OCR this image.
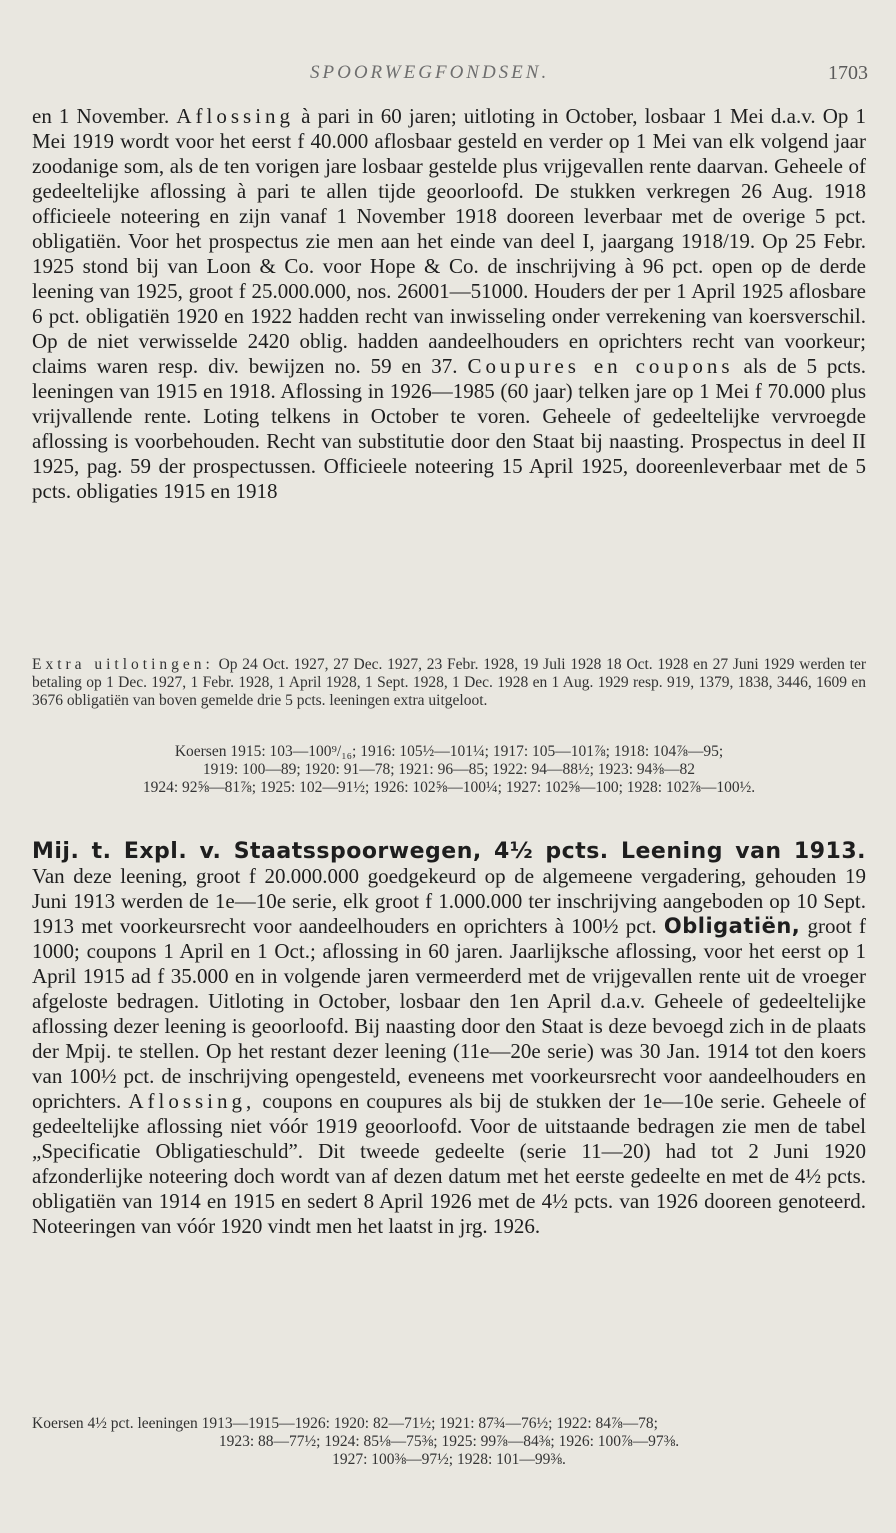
SPOORWEGFONDSEN.	1703
en 1 November. Aflossing à pari in 60 jaren; uitloting in October, losbaar 1 Mei d.a.v. Op 1 Mei 1919 wordt voor het eerst f 40.000 aflosbaar gesteld en verder op 1 Mei van elk volgend jaar zoodanige som, als de ten vorigen jare losbaar gestelde plus vrijgevallen rente daarvan. Geheele of gedeeltelijke aflossing à pari te allen tijde geoorloofd. De stukken verkregen 26 Aug. 1918 officieele noteering en zijn vanaf 1 November 1918 dooreen leverbaar met de overige 5 pct. obligatiën. Voor het prospectus zie men aan het einde van deel I, jaargang 1918/19. Op 25 Febr. 1925 stond bij van Loon & Co. voor Hope & Co. de inschrijving à 96 pct. open op de derde leening van 1925, groot f 25.000.000, nos. 26001—51000. Houders der per 1 April 1925 aflosbare 6 pct. obligatiën 1920 en 1922 hadden recht van inwisseling onder verrekening van koersverschil. Op de niet verwisselde 2420 oblig. hadden aandeelhouders en oprichters recht van voorkeur; claims waren resp. div. bewijzen no. 59 en 37. Coupures en coupons als de 5 pcts. leeningen van 1915 en 1918. Aflossing in 1926—1985 (60 jaar) telken jare op 1 Mei f 70.000 plus vrijvallende rente. Loting telkens in October te voren. Geheele of gedeeltelijke vervroegde aflossing is voorbehouden. Recht van substitutie door den Staat bij naasting. Prospectus in deel II 1925, pag. 59 der prospectussen. Officieele noteering 15 April 1925, dooreenleverbaar met de 5 pcts. obligaties 1915 en 1918
Extra uitlotingen: Op 24 Oct. 1927, 27 Dec. 1927, 23 Febr. 1928, 19 Juli 1928 18 Oct. 1928 en 27 Juni 1929 werden ter betaling op 1 Dec. 1927, 1 Febr. 1928, 1 April 1928, 1 Sept. 1928, 1 Dec. 1928 en 1 Aug. 1929 resp. 919, 1379, 1838, 3446, 1609 en 3676 obligatiën van boven gemelde drie 5 pcts. leeningen extra uitgeloot.
Koersen 1915: 103—100⁹/₁₆; 1916: 105½—101¼; 1917: 105—101⅞; 1918: 104⅞—95;
1919: 100—89; 1920: 91—78; 1921: 96—85; 1922: 94—88½; 1923: 94⅜—82
1924: 92⅝—81⅞; 1925: 102—91½; 1926: 102⅝—100¼; 1927: 102⅝—100; 1928: 102⅞—100½.
Mij. t. Expl. v. Staatsspoorwegen, 4½ pcts. Leening van 1913. Van deze leening, groot f 20.000.000 goedgekeurd op de algemeene vergadering, gehouden 19 Juni 1913 werden de 1e—10e serie, elk groot f 1.000.000 ter inschrijving aangeboden op 10 Sept. 1913 met voorkeursrecht voor aandeelhouders en oprichters à 100½ pct. Obligatiën, groot f 1000; coupons 1 April en 1 Oct.; aflossing in 60 jaren. Jaarlijksche aflossing, voor het eerst op 1 April 1915 ad f 35.000 en in volgende jaren vermeerderd met de vrijgevallen rente uit de vroeger afgeloste bedragen. Uitloting in October, losbaar den 1en April d.a.v. Geheele of gedeeltelijke aflossing dezer leening is geoorloofd. Bij naasting door den Staat is deze bevoegd zich in de plaats der Mpij. te stellen. Op het restant dezer leening (11e—20e serie) was 30 Jan. 1914 tot den koers van 100½ pct. de inschrijving opengesteld, eveneens met voorkeursrecht voor aandeelhouders en oprichters. Aflossing, coupons en coupures als bij de stukken der 1e—10e serie. Geheele of gedeeltelijke aflossing niet vóór 1919 geoorloofd. Voor de uitstaande bedragen zie men de tabel „Specificatie Obligatieschuld”. Dit tweede gedeelte (serie 11—20) had tot 2 Juni 1920 afzonderlijke noteering doch wordt van af dezen datum met het eerste gedeelte en met de 4½ pcts. obligatiën van 1914 en 1915 en sedert 8 April 1926 met de 4½ pcts. van 1926 dooreen genoteerd. Noteeringen van vóór 1920 vindt men het laatst in jrg. 1926.
Koersen 4½ pct. leeningen 1913—1915—1926: 1920: 82—71½; 1921: 87¾—76½; 1922: 84⅞—78;
1923: 88—77½; 1924: 85⅛—75⅜; 1925: 99⅞—84⅜; 1926: 100⅞—97⅜.
1927: 100⅜—97½; 1928: 101—99⅜.
